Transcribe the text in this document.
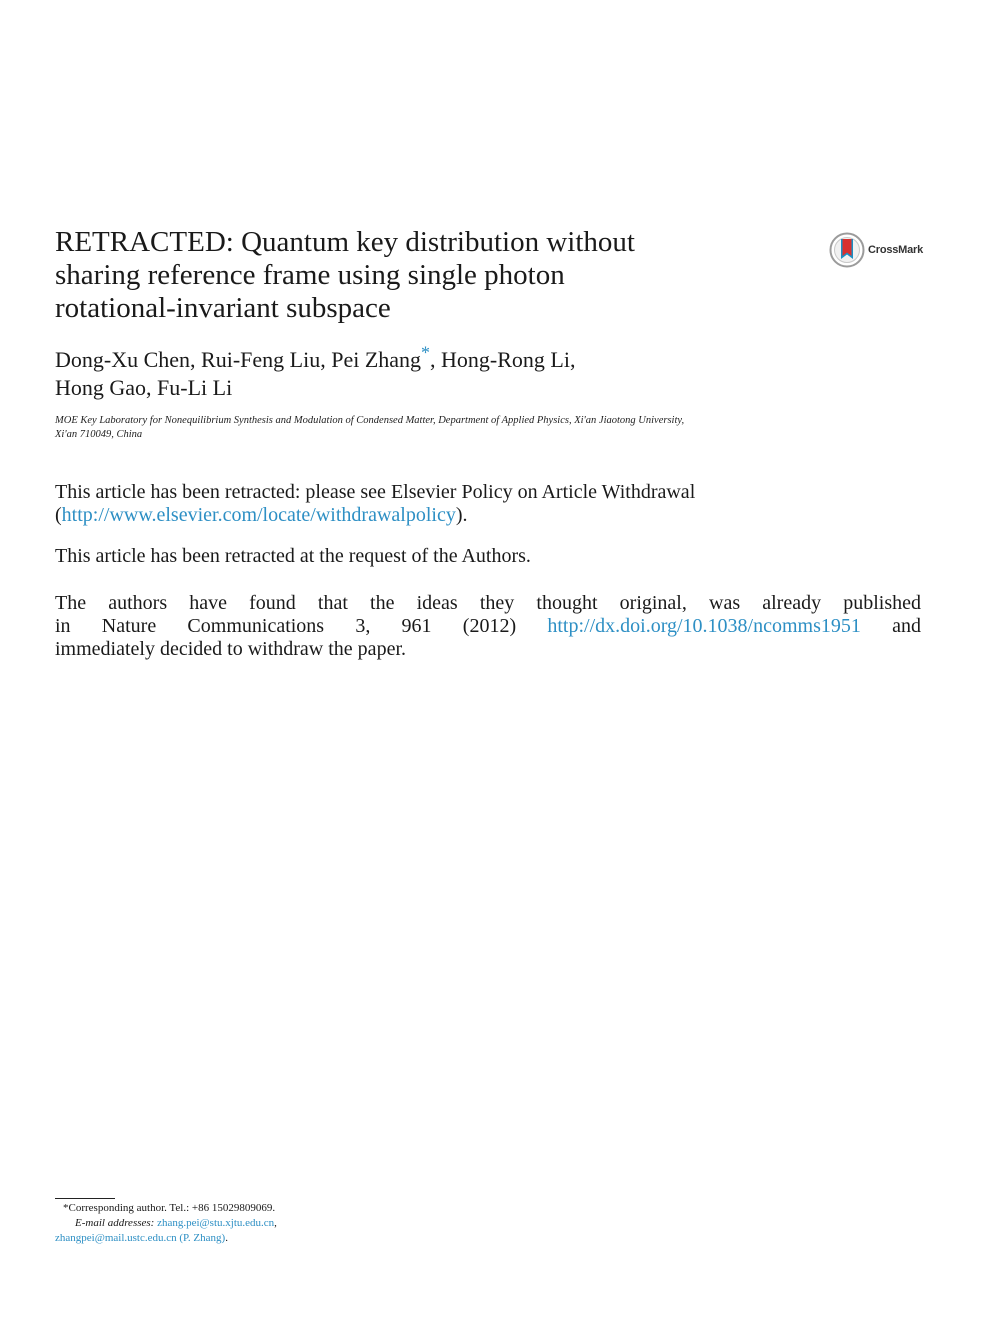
RETRACTED: Quantum key distribution without
sharing reference frame using single photon
rotational-invariant subspace
CrossMark
Dong-Xu Chen, Rui-Feng Liu, Pei Zhang*, Hong-Rong Li,
Hong Gao, Fu-Li Li
MOE Key Laboratory for Nonequilibrium Synthesis and Modulation of Condensed Matter, Department of Applied Physics, Xi'an Jiaotong University,
Xi'an 710049, China
This article has been retracted: please see Elsevier Policy on Article Withdrawal
(http://www.elsevier.com/locate/withdrawalpolicy).
This article has been retracted at the request of the Authors.
The authors have found that the ideas they thought original, was already published
in Nature Communications 3, 961 (2012) http://dx.doi.org/10.1038/ncomms1951 and
immediately decided to withdraw the paper.
*Corresponding author. Tel.: +86 15029809069.
E-mail addresses: zhang.pei@stu.xjtu.edu.cn,
zhangpei@mail.ustc.edu.cn (P. Zhang).
